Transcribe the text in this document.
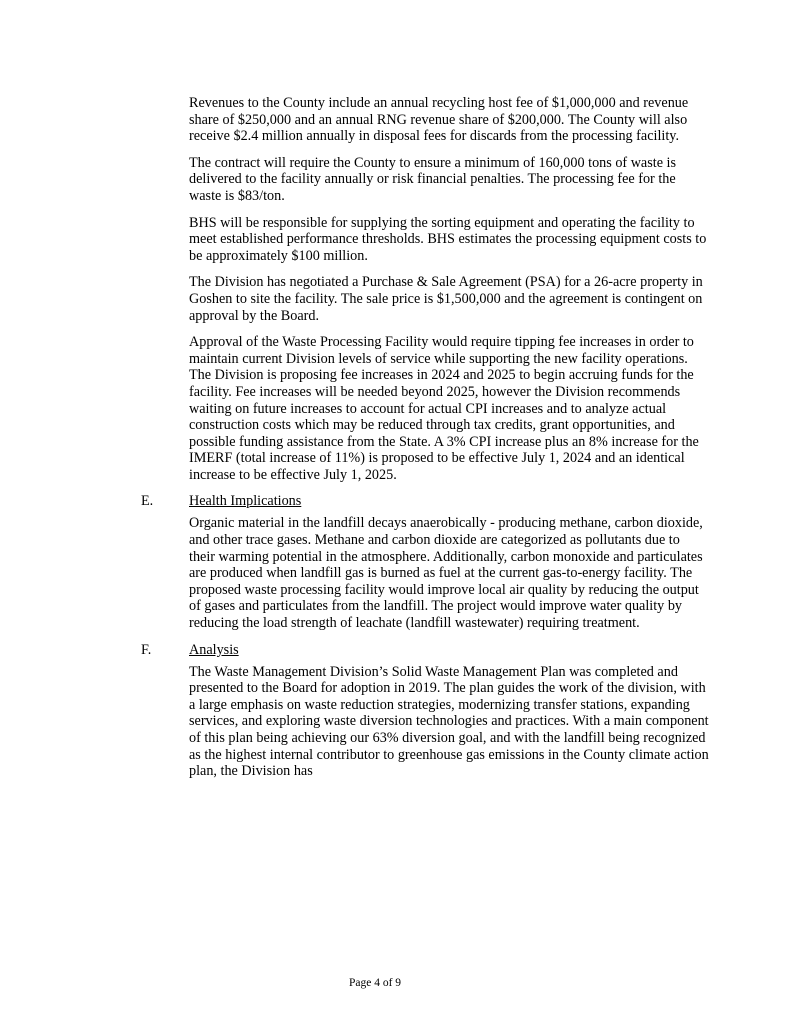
Revenues to the County include an annual recycling host fee of $1,000,000 and revenue share of $250,000 and an annual RNG revenue share of $200,000. The County will also receive $2.4 million annually in disposal fees for discards from the processing facility.

The contract will require the County to ensure a minimum of 160,000 tons of waste is delivered to the facility annually or risk financial penalties. The processing fee for the waste is $83/ton.

BHS will be responsible for supplying the sorting equipment and operating the facility to meet established performance thresholds. BHS estimates the processing equipment costs to be approximately $100 million.

The Division has negotiated a Purchase & Sale Agreement (PSA) for a 26-acre property in Goshen to site the facility. The sale price is $1,500,000 and the agreement is contingent on approval by the Board.

Approval of the Waste Processing Facility would require tipping fee increases in order to maintain current Division levels of service while supporting the new facility operations. The Division is proposing fee increases in 2024 and 2025 to begin accruing funds for the facility. Fee increases will be needed beyond 2025, however the Division recommends waiting on future increases to account for actual CPI increases and to analyze actual construction costs which may be reduced through tax credits, grant opportunities, and possible funding assistance from the State. A 3% CPI increase plus an 8% increase for the IMERF (total increase of 11%) is proposed to be effective July 1, 2024 and an identical increase to be effective July 1, 2025.

E.	Health Implications

Organic material in the landfill decays anaerobically - producing methane, carbon dioxide, and other trace gases. Methane and carbon dioxide are categorized as pollutants due to their warming potential in the atmosphere. Additionally, carbon monoxide and particulates are produced when landfill gas is burned as fuel at the current gas-to-energy facility. The proposed waste processing facility would improve local air quality by reducing the output of gases and particulates from the landfill. The project would improve water quality by reducing the load strength of leachate (landfill wastewater) requiring treatment.

F.	Analysis

The Waste Management Division’s Solid Waste Management Plan was completed and presented to the Board for adoption in 2019. The plan guides the work of the division, with a large emphasis on waste reduction strategies, modernizing transfer stations, expanding services, and exploring waste diversion technologies and practices. With a main component of this plan being achieving our 63% diversion goal, and with the landfill being recognized as the highest internal contributor to greenhouse gas emissions in the County climate action plan, the Division has

Page 4 of 9
